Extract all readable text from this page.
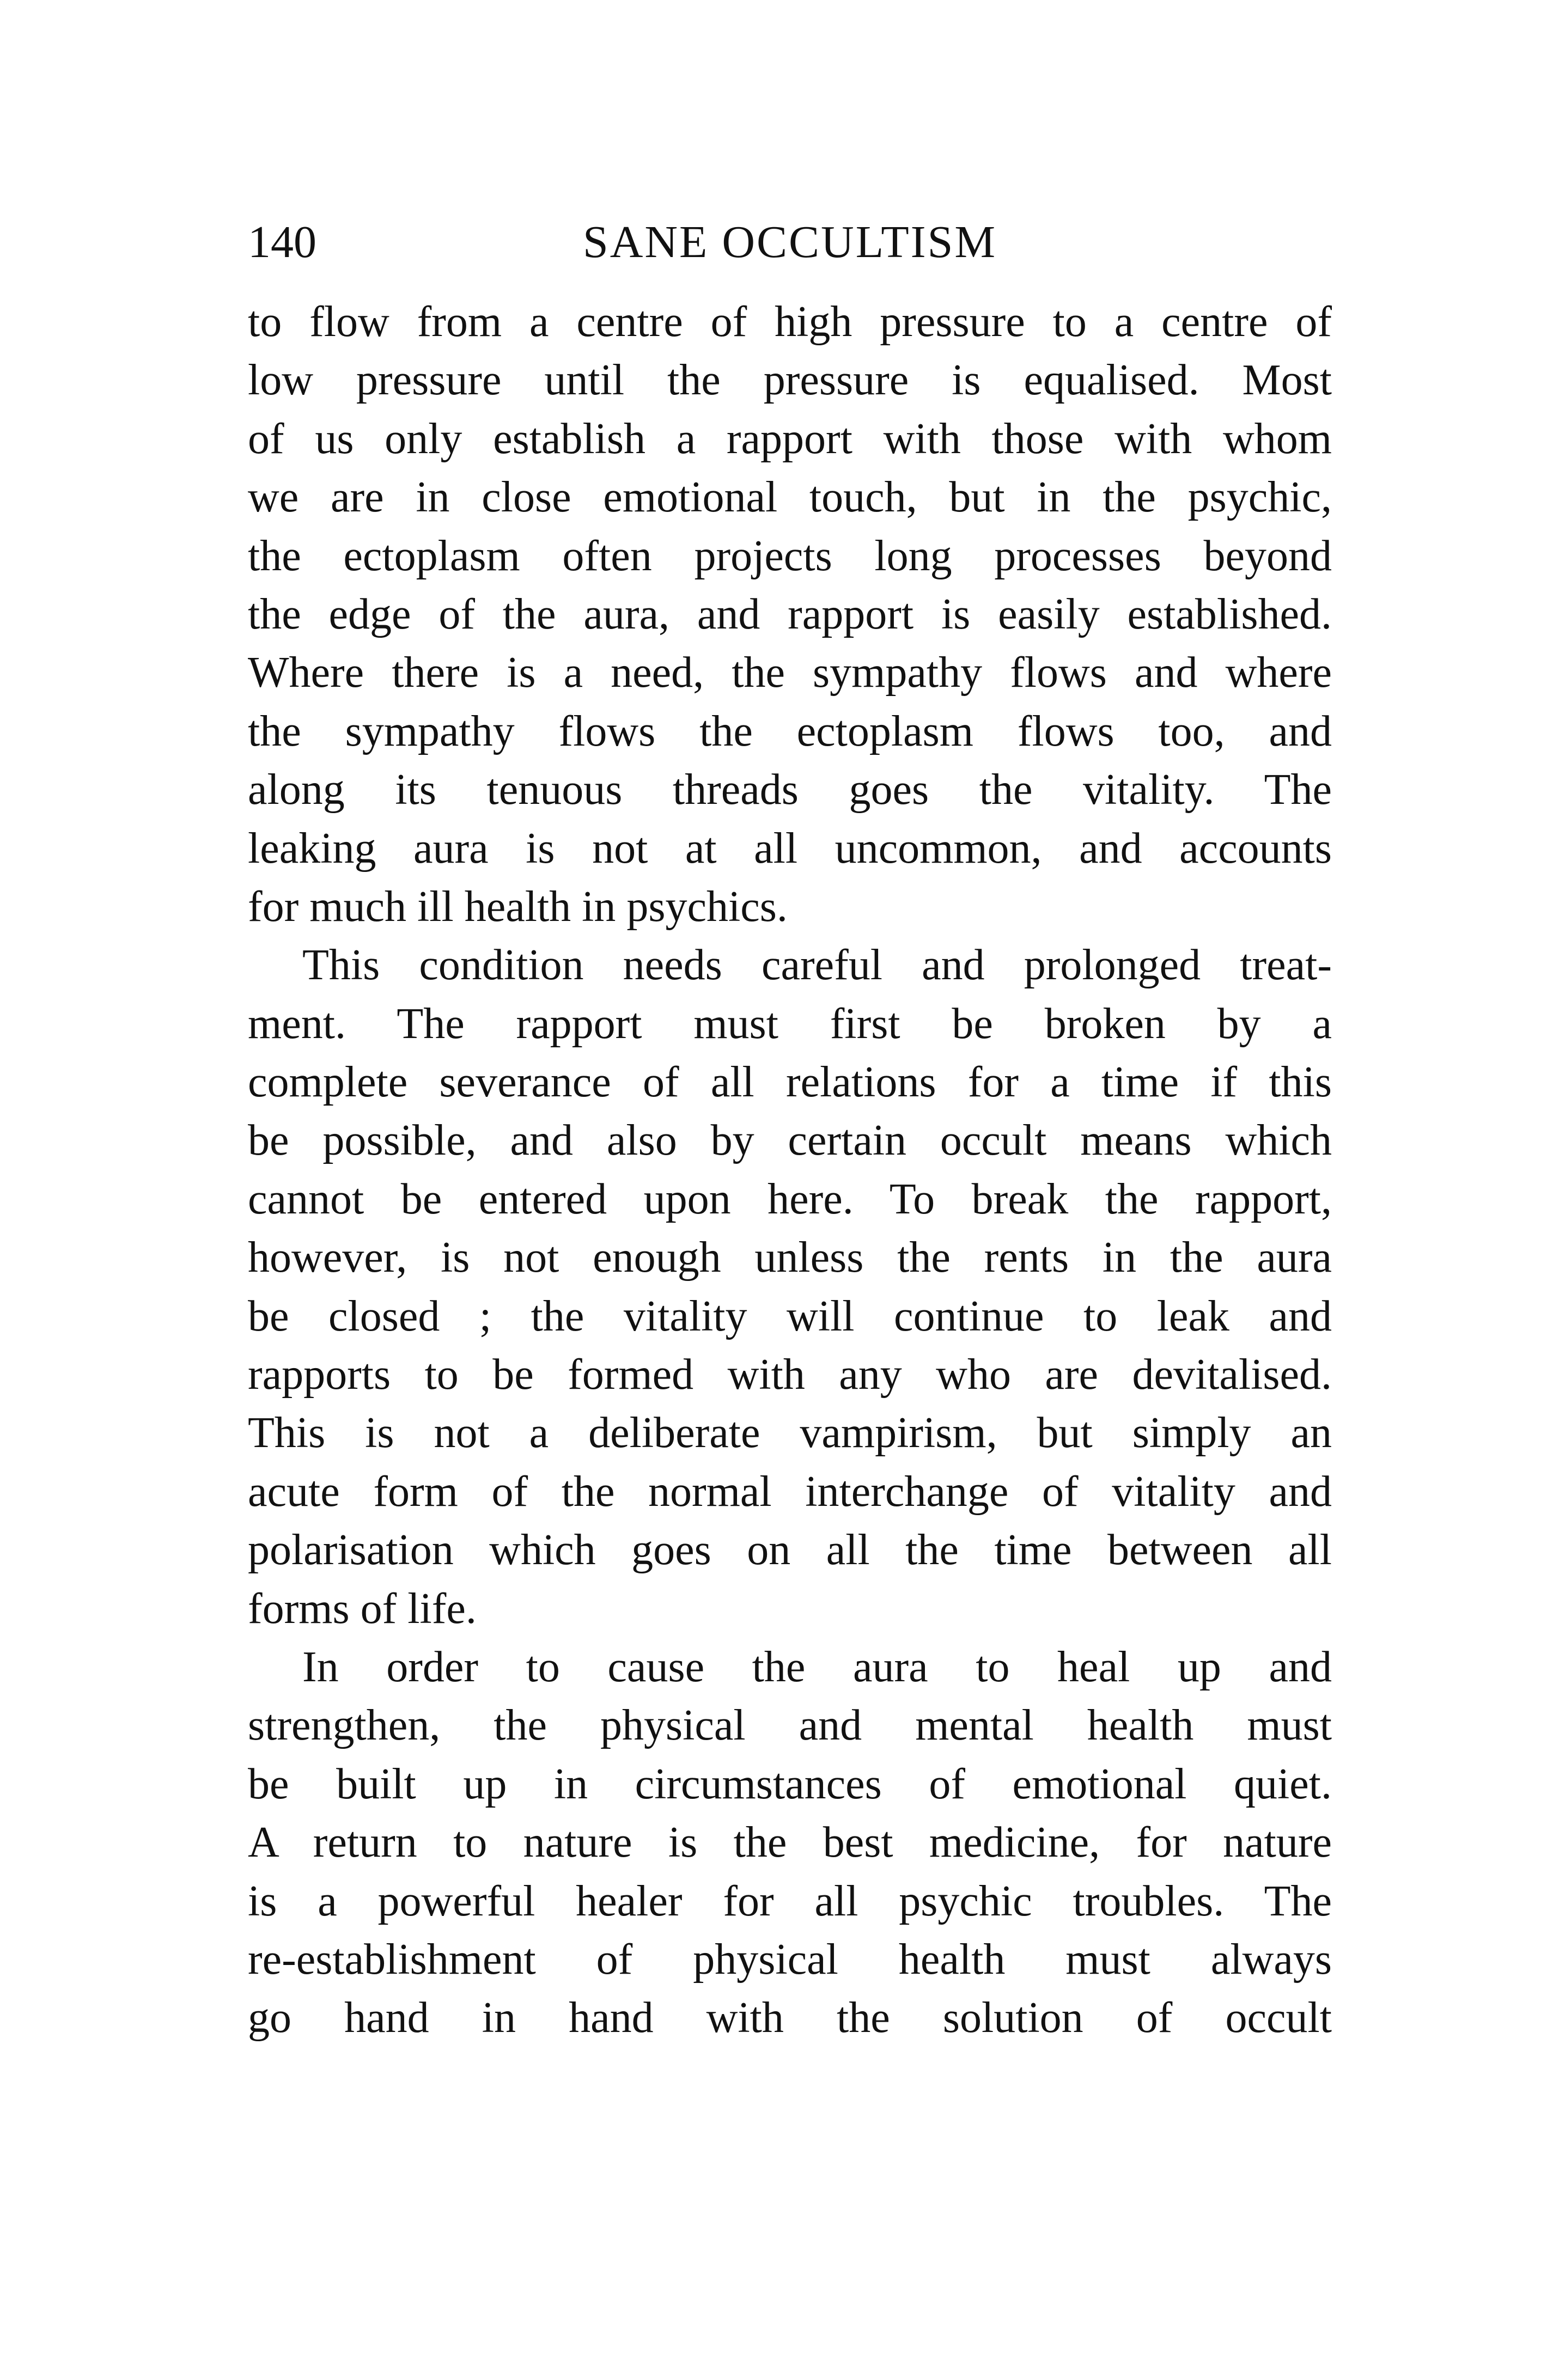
140	SANE OCCULTISM
to flow from a centre of high pressure to a centre of
low pressure until the pressure is equalised. Most
of us only establish a rapport with those with whom
we are in close emotional touch, but in the psychic,
the ectoplasm often projects long processes beyond
the edge of the aura, and rapport is easily established.
Where there is a need, the sympathy flows and where
the sympathy flows the ectoplasm flows too, and
along its tenuous threads goes the vitality. The
leaking aura is not at all uncommon, and accounts
for much ill health in psychics.
This condition needs careful and prolonged treat-
ment. The rapport must first be broken by a
complete severance of all relations for a time if this
be possible, and also by certain occult means which
cannot be entered upon here. To break the rapport,
however, is not enough unless the rents in the aura
be closed ; the vitality will continue to leak and
rapports to be formed with any who are devitalised.
This is not a deliberate vampirism, but simply an
acute form of the normal interchange of vitality and
polarisation which goes on all the time between all
forms of life.
In order to cause the aura to heal up and
strengthen, the physical and mental health must
be built up in circumstances of emotional quiet.
A return to nature is the best medicine, for nature
is a powerful healer for all psychic troubles. The
re-establishment of physical health must always
go hand in hand with the solution of occult
